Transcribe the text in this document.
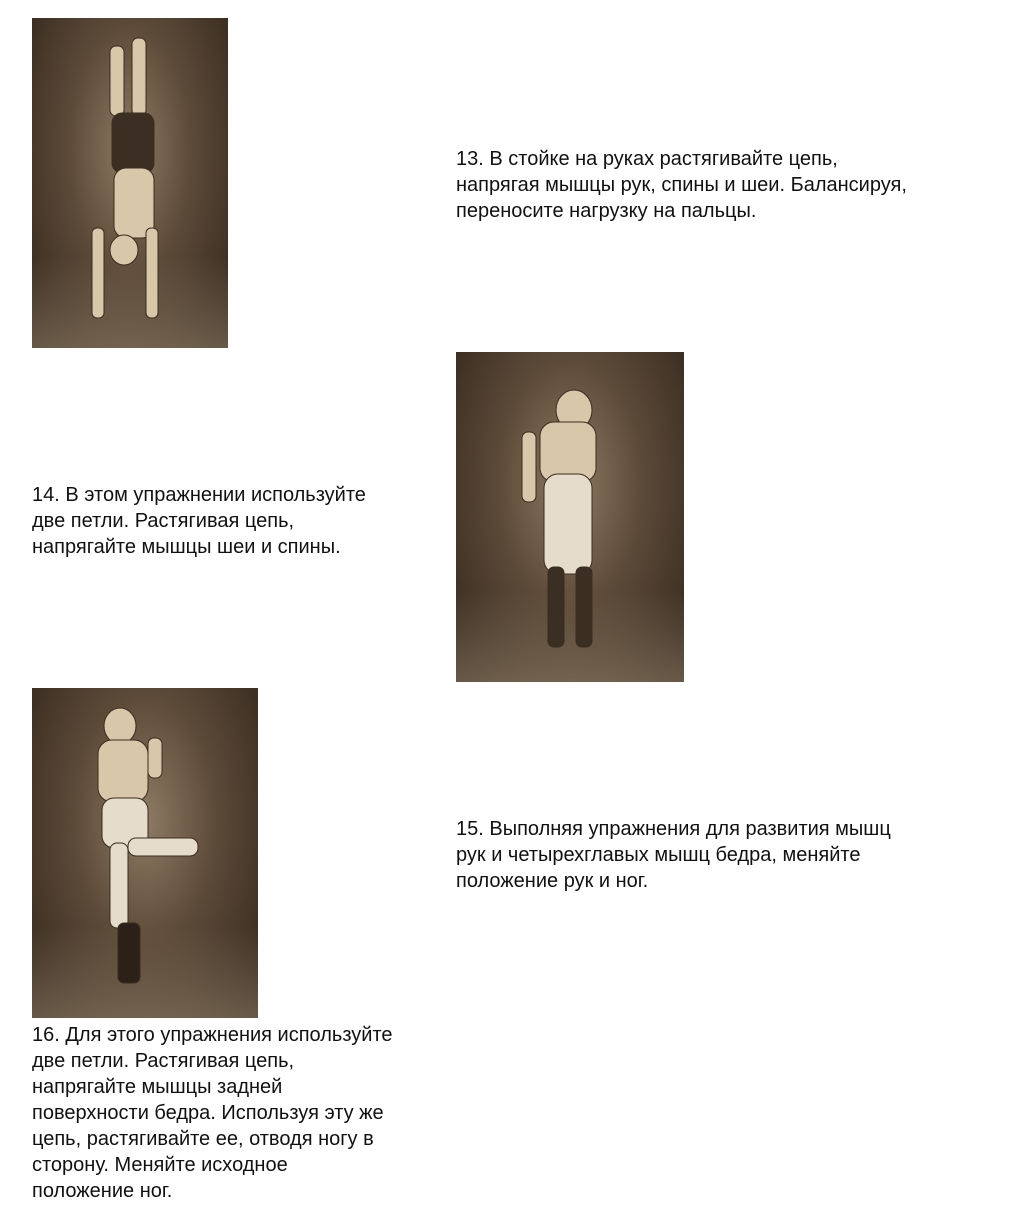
13. В стойке на руках растягивайте цепь,
напрягая мышцы рук, спины и шеи. Балансируя,
переносите нагрузку на пальцы.

14. В этом упражнении используйте
две петли. Растягивая цепь,
напрягайте мышцы шеи и спины.

15. Выполняя упражнения для развития мышц
рук и четырехглавых мышц бедра, меняйте
положение рук и ног.

16. Для этого упражнения используйте
две петли. Растягивая цепь,
напрягайте мышцы задней
поверхности бедра. Используя эту же
цепь, растягивайте ее, отводя ногу в
сторону. Меняйте исходное
положение ног.
